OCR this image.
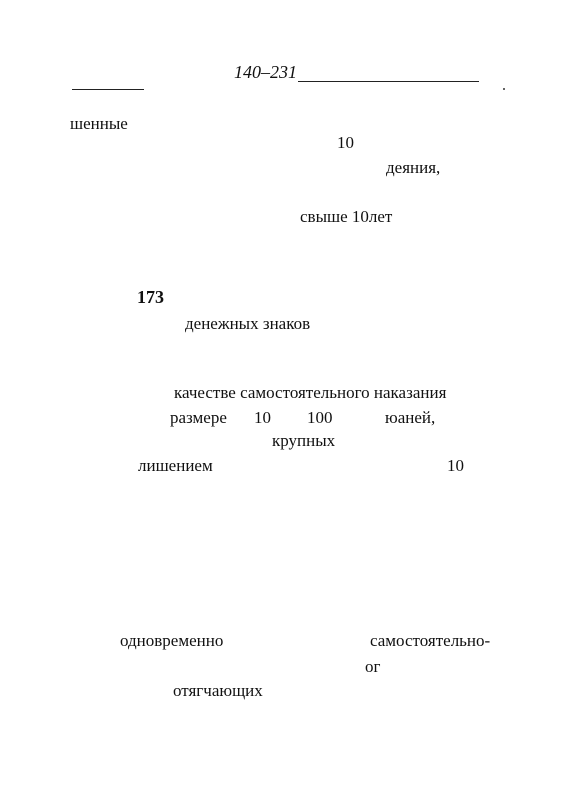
140–231
шенные
10
деяния,
свыше 10лет
173
денежных знаков
качестве самостоятельного наказания
размере 10 100	юаней,
крупных
лишением	10
одновременно	самостоятельно-
ог
отягчающих
